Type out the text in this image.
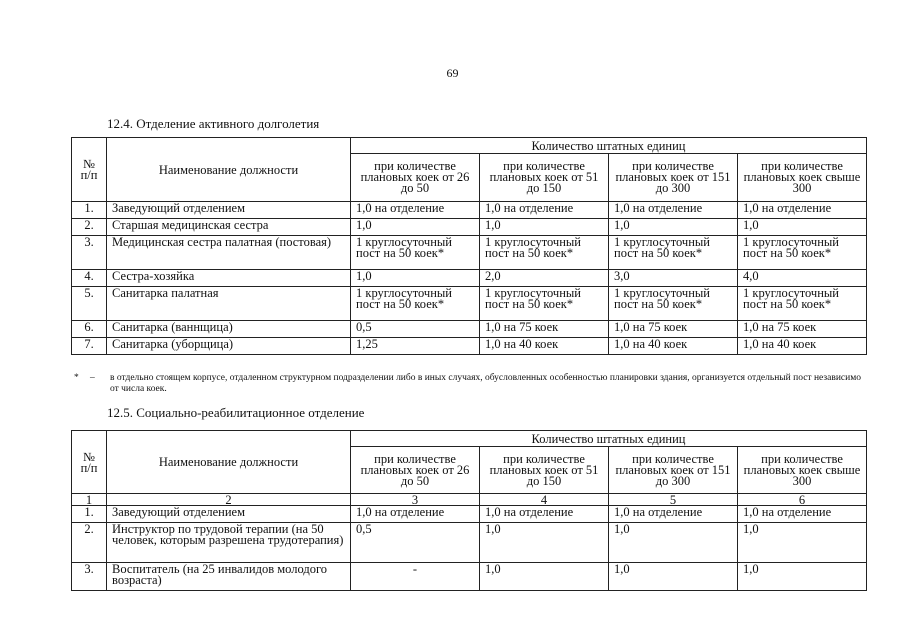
69
12.4. Отделение активного долголетия
№ п/п	Наименование должности	Количество штатных единиц			
		при количестве плановых коек от 26 до 50	при количестве плановых коек от 51 до 150	при количестве плановых коек от 151 до 300	при количестве плановых коек свыше 300
1.	Заведующий отделением	1,0 на отделение	1,0 на отделение	1,0 на отделение	1,0 на отделение
2.	Старшая медицинская сестра	1,0	1,0	1,0	1,0
3.	Медицинская сестра палатная (постовая)	1 круглосуточный пост на 50 коек*	1 круглосуточный пост на 50 коек*	1 круглосуточный пост на 50 коек*	1 круглосуточный пост на 50 коек*
4.	Сестра-хозяйка	1,0	2,0	3,0	4,0
5.	Санитарка палатная	1 круглосуточный пост на 50 коек*	1 круглосуточный пост на 50 коек*	1 круглосуточный пост на 50 коек*	1 круглосуточный пост на 50 коек*
6.	Санитарка (ваннщица)	0,5	1,0 на 75 коек	1,0 на 75 коек	1,0 на 75 коек
7.	Санитарка (уборщица)	1,25	1,0 на 40 коек	1,0 на 40 коек	1,0 на 40 коек
* – в отдельно стоящем корпусе, отдаленном структурном подразделении либо в иных случаях, обусловленных особенностью планировки здания, организуется отдельный пост независимо от числа коек.
12.5. Социально-реабилитационное отделение
№ п/п	Наименование должности	Количество штатных единиц			
		при количестве плановых коек от 26 до 50	при количестве плановых коек от 51 до 150	при количестве плановых коек от 151 до 300	при количестве плановых коек свыше 300
1	2	3	4	5	6
1.	Заведующий отделением	1,0 на отделение	1,0 на отделение	1,0 на отделение	1,0 на отделение
2.	Инструктор по трудовой терапии (на 50 человек, которым разрешена трудотерапия)	0,5	1,0	1,0	1,0
3.	Воспитатель (на 25 инвалидов молодого возраста)	-	1,0	1,0	1,0
